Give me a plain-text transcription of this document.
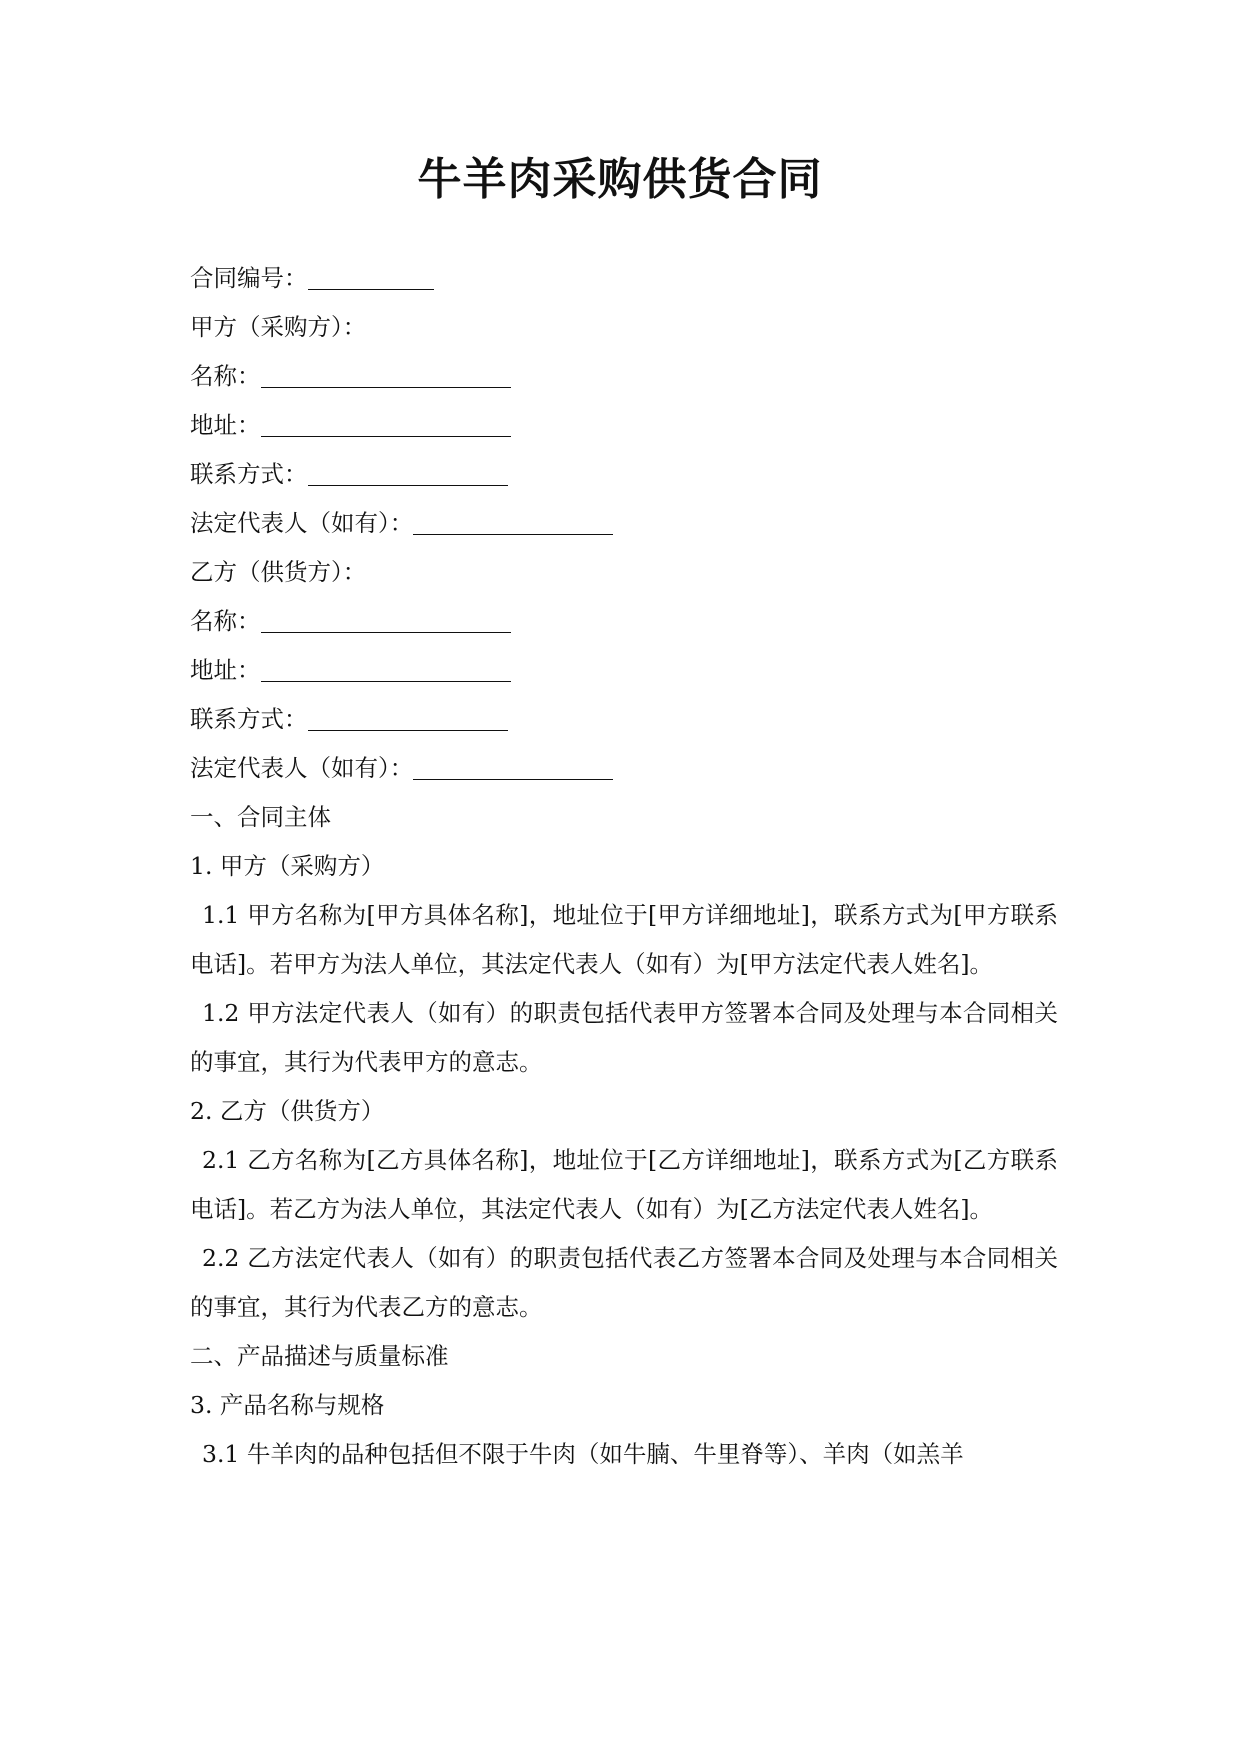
牛羊肉采购供货合同

合同编号：

甲方（采购方）：

名称：

地址：

联系方式：

法定代表人（如有）：

乙方（供货方）：

名称：

地址：

联系方式：

法定代表人（如有）：

一、合同主体

1. 甲方（采购方）

1.1 甲方名称为[甲方具体名称]，地址位于[甲方详细地址]，联系方式为[甲方联系电话]。若甲方为法人单位，其法定代表人（如有）为[甲方法定代表人姓名]。

1.2 甲方法定代表人（如有）的职责包括代表甲方签署本合同及处理与本合同相关的事宜，其行为代表甲方的意志。

2. 乙方（供货方）

2.1 乙方名称为[乙方具体名称]，地址位于[乙方详细地址]，联系方式为[乙方联系电话]。若乙方为法人单位，其法定代表人（如有）为[乙方法定代表人姓名]。

2.2 乙方法定代表人（如有）的职责包括代表乙方签署本合同及处理与本合同相关的事宜，其行为代表乙方的意志。

二、产品描述与质量标准

3. 产品名称与规格

3.1 牛羊肉的品种包括但不限于牛肉（如牛腩、牛里脊等）、羊肉（如羔羊
